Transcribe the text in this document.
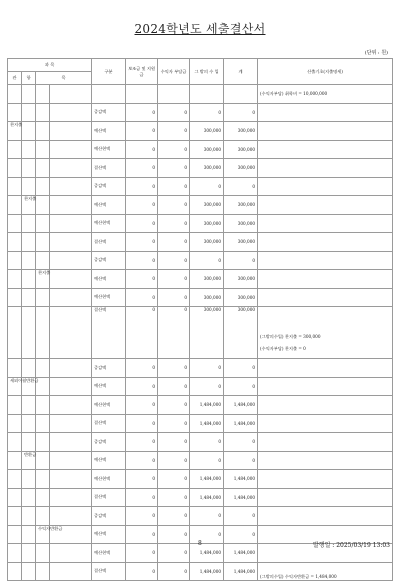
2024학년도 세출결산서
(단위 : 원)
과 목				구분	보조금 및 지원금	수익자 부담금	그 밖의 수 입	계	산출기초(지출명세)
관	항	목							
									(수익자부담) 취학비 = 10,000,000
				증감액	0	0	0	0	
찬지출				예산액	0	0	300,000	300,000	
				예산현액	0	0	300,000	300,000	
				결산액	0	0	300,000	300,000	
				증감액	0	0	0	0	
	찬지출			예산액	0	0	300,000	300,000	
				예산현액	0	0	300,000	300,000	
				결산액	0	0	300,000	300,000	
				증감액	0	0	0	0	
		찬지출		예산액	0	0	300,000	300,000	
				예산현액	0	0	300,000	300,000	
				결산액	0	0	300,000	300,000	(그밖의수입) 찬지출 = 300,000
(수익자부담) 찬지출 = 0

				증감액	0	0	0	0	
세외이월반환금				예산액	0	0	0	0	
				예산현액	0	0	1,484,000	1,484,000	
				결산액	0	0	1,484,000	1,484,000	
				증감액	0	0	0	0	
	반환금			예산액	0	0	0	0	
				예산현액	0	0	1,484,000	1,484,000	
				결산액	0	0	1,484,000	1,484,000	
				증감액	0	0	0	0	
		수익자반환금		예산액	0	0	0	0	
				예산현액	0	0	1,484,000	1,484,000	
				결산액	0	0	1,484,000	1,484,000	(그밖의수입) 수익자반환금 = 1,484,000
8	발행일 : 2025/03/19 13:03
